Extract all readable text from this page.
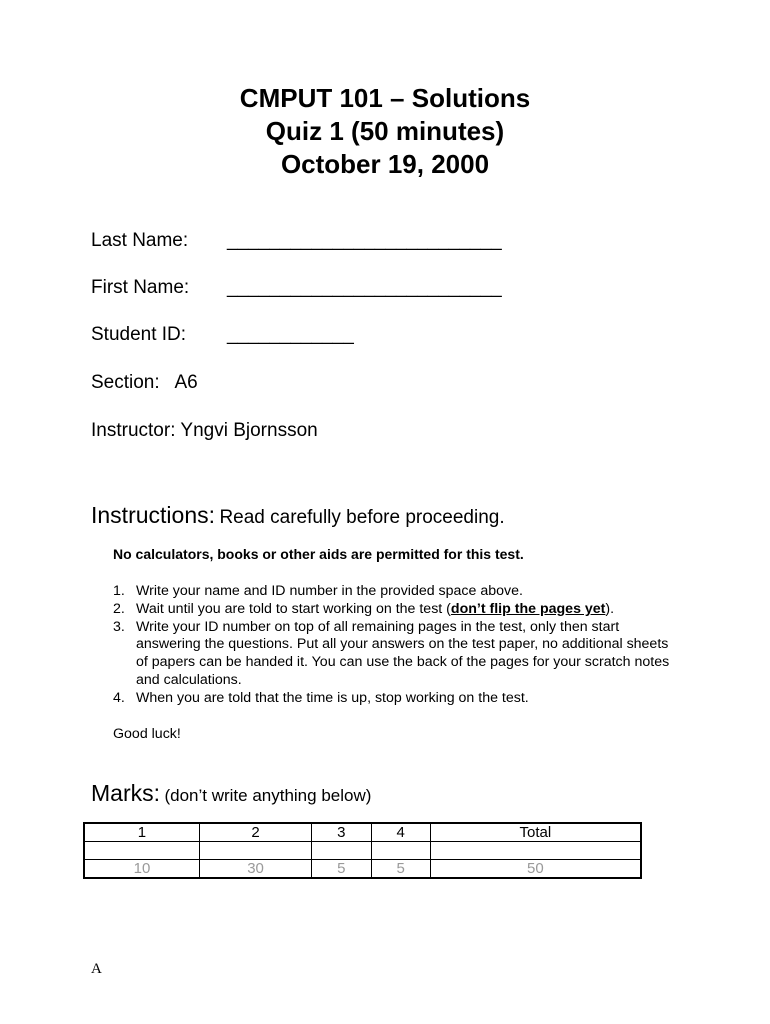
CMPUT 101 – Solutions
Quiz 1 (50 minutes)
October 19, 2000
Last Name: __________________________
First Name: __________________________
Student ID: ____________
Section:   A6
Instructor: Yngvi Bjornsson
Instructions: Read carefully before proceeding.
No calculators, books or other aids are permitted for this test.
1. Write your name and ID number in the provided space above.
2. Wait until you are told to start working on the test (don’t flip the pages yet).
3. Write your ID number on top of all remaining pages in the test, only then start answering the questions. Put all your answers on the test paper, no additional sheets of papers can be handed it. You can use the back of the pages for your scratch notes and calculations.
4. When you are told that the time is up, stop working on the test.
Good luck!
Marks: (don’t write anything below)
1	2	3	4	Total

10	30	5	5	50
A
